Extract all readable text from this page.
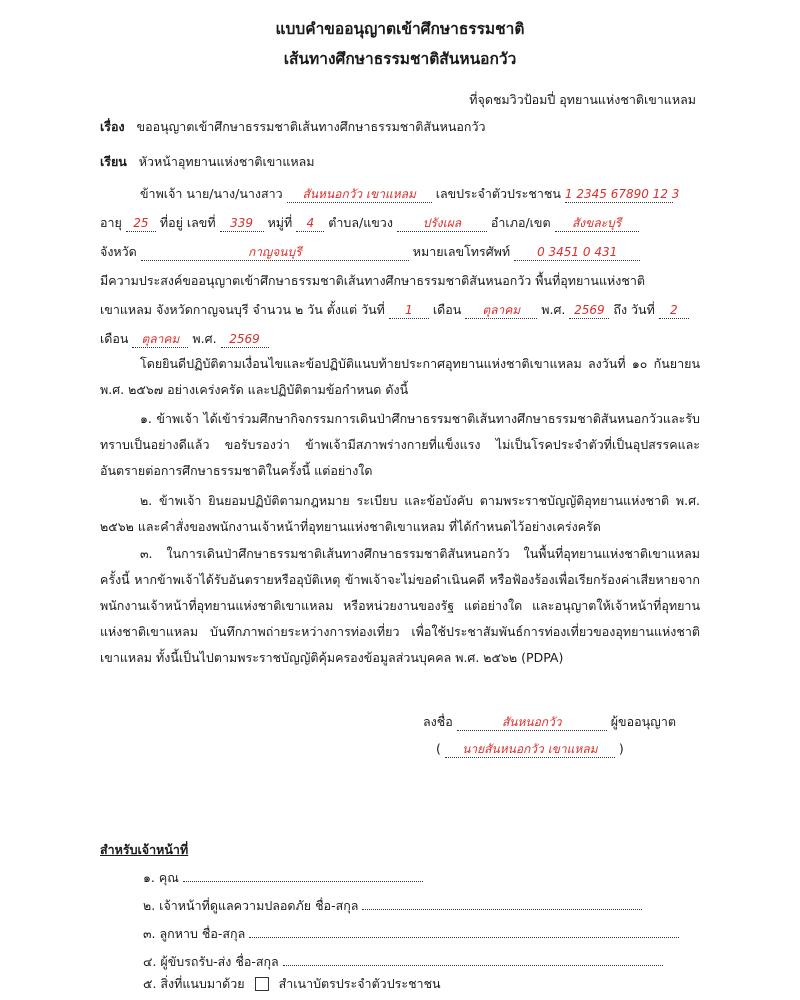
แบบคำขออนุญาตเข้าศึกษาธรรมชาติ
เส้นทางศึกษาธรรมชาติสันหนอกวัว
ที่จุดชมวิวป้อมปี่ อุทยานแห่งชาติเขาแหลม
เรื่อง ขออนุญาตเข้าศึกษาธรรมชาติเส้นทางศึกษาธรรมชาติสันหนอกวัว
เรียน หัวหน้าอุทยานแห่งชาติเขาแหลม
ข้าพเจ้า นาย/นาง/นางสาว สันหนอกวัว เขาแหลม เลขประจำตัวประชาชน 1 2345 67890 12 3
อายุ 25 ที่อยู่ เลขที่ 339 หมู่ที่ 4 ตำบล/แขวง ปรังเผล อำเภอ/เขต สังขละบุรี
จังหวัด	กาญจนบุรี	หมายเลขโทรศัพท์ 0 3451 0 431
มีความประสงค์ขออนุญาตเข้าศึกษาธรรมชาติเส้นทางศึกษาธรรมชาติสันหนอกวัว พื้นที่อุทยานแห่งชาติ
เขาแหลม จังหวัดกาญจนบุรี จำนวน ๒ วัน ตั้งแต่ วันที่ 1 เดือน ตุลาคม พ.ศ. 2569 ถึง วันที่ 2
เดือน ตุลาคม พ.ศ. 2569
โดยยินดีปฏิบัติตามเงื่อนไขและข้อปฏิบัติแนบท้ายประกาศอุทยานแห่งชาติเขาแหลม ลงวันที่ ๑๐ กันยายน พ.ศ. ๒๕๖๗ อย่างเคร่งครัด และปฏิบัติตามข้อกำหนด ดังนี้
๑. ข้าพเจ้า ได้เข้าร่วมศึกษากิจกรรมการเดินป่าศึกษาธรรมชาติเส้นทางศึกษาธรรมชาติสันหนอกวัวและรับทราบเป็นอย่างดีแล้ว ขอรับรองว่า ข้าพเจ้ามีสภาพร่างกายที่แข็งแรง ไม่เป็นโรคประจำตัวที่เป็นอุปสรรคและอันตรายต่อการศึกษาธรรมชาติในครั้งนี้ แต่อย่างใด
๒. ข้าพเจ้า ยินยอมปฏิบัติตามกฎหมาย ระเบียบ และข้อบังคับ ตามพระราชบัญญัติอุทยานแห่งชาติ พ.ศ. ๒๕๖๒ และคำสั่งของพนักงานเจ้าหน้าที่อุทยานแห่งชาติเขาแหลม ที่ได้กำหนดไว้อย่างเคร่งครัด
๓. ในการเดินป่าศึกษาธรรมชาติเส้นทางศึกษาธรรมชาติสันหนอกวัว ในพื้นที่อุทยานแห่งชาติเขาแหลม ครั้งนี้ หากข้าพเจ้าได้รับอันตรายหรืออุบัติเหตุ ข้าพเจ้าจะไม่ขอดำเนินคดี หรือฟ้องร้องเพื่อเรียกร้องค่าเสียหายจากพนักงานเจ้าหน้าที่อุทยานแห่งชาติเขาแหลม หรือหน่วยงานของรัฐ แต่อย่างใด และอนุญาตให้เจ้าหน้าที่อุทยานแห่งชาติเขาแหลม บันทึกภาพถ่ายระหว่างการท่องเที่ยว เพื่อใช้ประชาสัมพันธ์การท่องเที่ยวของอุทยานแห่งชาติเขาแหลม ทั้งนี้เป็นไปตามพระราชบัญญัติคุ้มครองข้อมูลส่วนบุคคล พ.ศ. ๒๕๖๒ (PDPA)
ลงชื่อ	สันหนอกวัว	ผู้ขออนุญาต
( นายสันหนอกวัว เขาแหลม )
สำหรับเจ้าหน้าที่
๑. คุณ
๒. เจ้าหน้าที่ดูแลความปลอดภัย ชื่อ-สกุล
๓. ลูกหาบ ชื่อ-สกุล
๔. ผู้ขับรถรับ-ส่ง ชื่อ-สกุล
๕. สิ่งที่แนบมาด้วย	สำเนาบัตรประจำตัวประชาชน
